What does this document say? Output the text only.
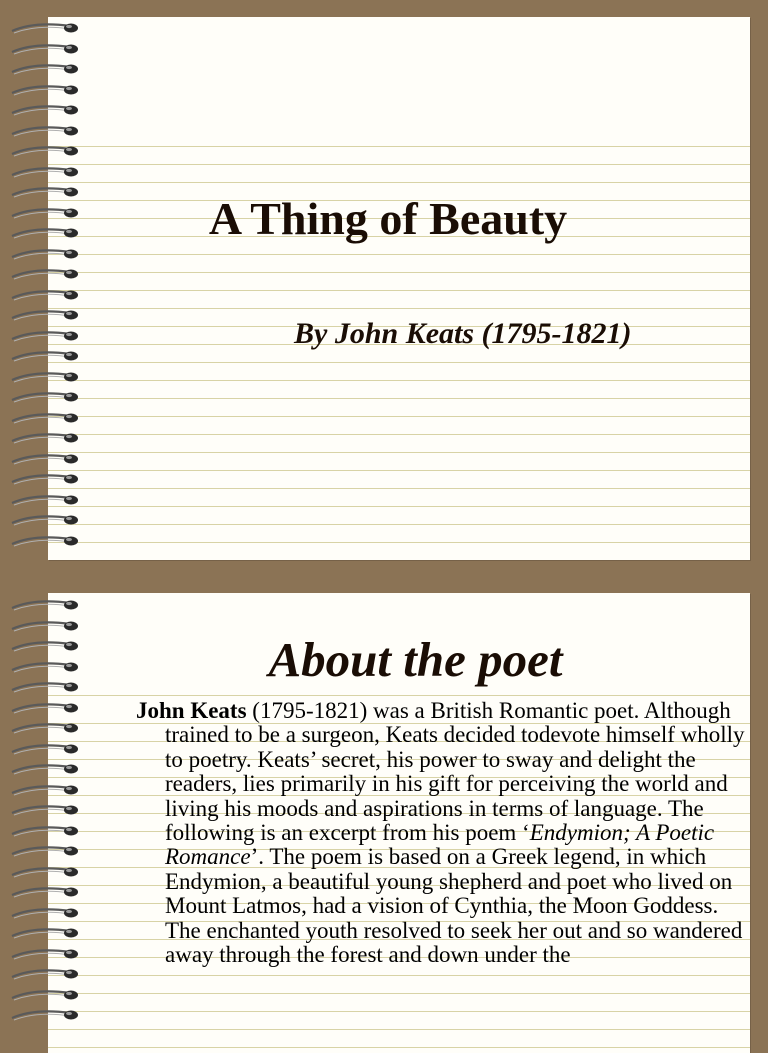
A Thing of Beauty
By John Keats (1795-1821)
About the poet
John Keats (1795-1821) was a British Romantic poet. Although trained to be a surgeon, Keats decided todevote himself wholly to poetry. Keats’ secret, his power to sway and delight the readers, lies primarily in his gift for perceiving the world and living his moods and aspirations in terms of language. The following is an excerpt from his poem ‘Endymion; A Poetic Romance’. The poem is based on a Greek legend, in which Endymion, a beautiful young shepherd and poet who lived on Mount Latmos, had a vision of Cynthia, the Moon Goddess. The enchanted youth resolved to seek her out and so wandered away through the forest and down under the
